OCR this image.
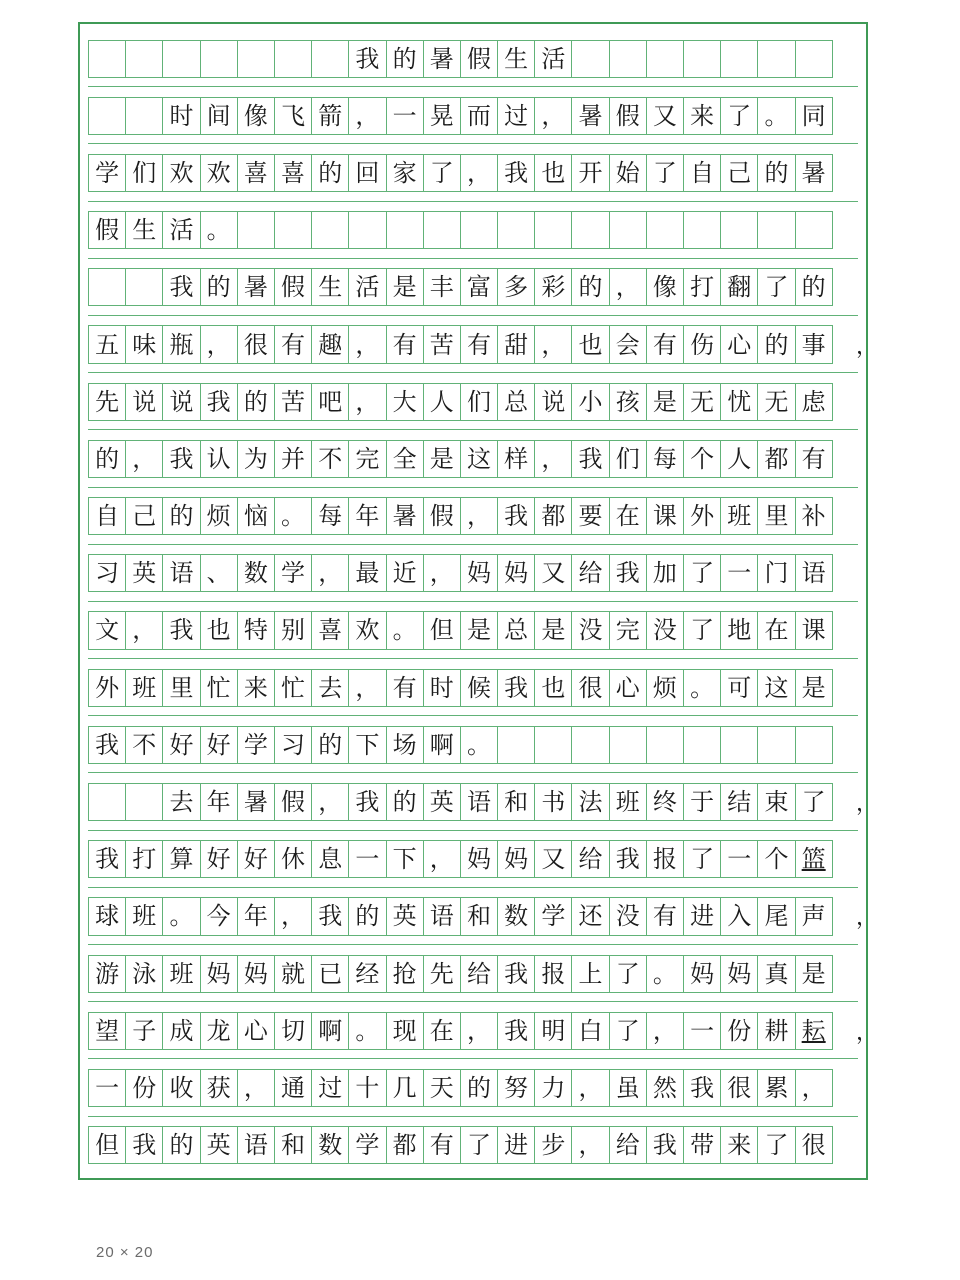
我 的 暑 假 生 活
时 间 像 飞 箭 ， 一 晃 而 过 ， 暑 假 又 来 了 。 同
学 们 欢 欢 喜 喜 的 回 家 了 ， 我 也 开 始 了 自 己 的 暑
假 生 活 。
我 的 暑 假 生 活 是 丰 富 多 彩 的 ， 像 打 翻 了 的
五 味 瓶 ， 很 有 趣 ， 有 苦 有 甜 ， 也 会 有 伤 心 的 事	，
先 说 说 我 的 苦 吧 ， 大 人 们 总 说 小 孩 是 无 忧 无 虑
的 ， 我 认 为 并 不 完 全 是 这 样 ， 我 们 每 个 人 都 有
自 己 的 烦 恼 。 每 年 暑 假 ， 我 都 要 在 课 外 班 里 补
习 英 语 、 数 学 ， 最 近 ， 妈 妈 又 给 我 加 了 一 门 语
文 ， 我 也 特 别 喜 欢 。 但 是 总 是 没 完 没 了 地 在 课
外 班 里 忙 来 忙 去 ， 有 时 候 我 也 很 心 烦 。 可 这 是
我 不 好 好 学 习 的 下 场 啊 。
去 年 暑 假 ， 我 的 英 语 和 书 法 班 终 于 结 束 了	，
我 打 算 好 好 休 息 一 下 ， 妈 妈 又 给 我 报 了 一 个 篮
球 班 。 今 年 ， 我 的 英 语 和 数 学 还 没 有 进 入 尾 声	，
游 泳 班 妈 妈 就 已 经 抢 先 给 我 报 上 了 。 妈 妈 真 是
望 子 成 龙 心 切 啊 。 现 在 ， 我 明 白 了 ， 一 份 耕 耘	，
一 份 收 获 ， 通 过 十 几 天 的 努 力 ， 虽 然 我 很 累 ，
但 我 的 英 语 和 数 学 都 有 了 进 步 ， 给 我 带 来 了 很
20 × 20
